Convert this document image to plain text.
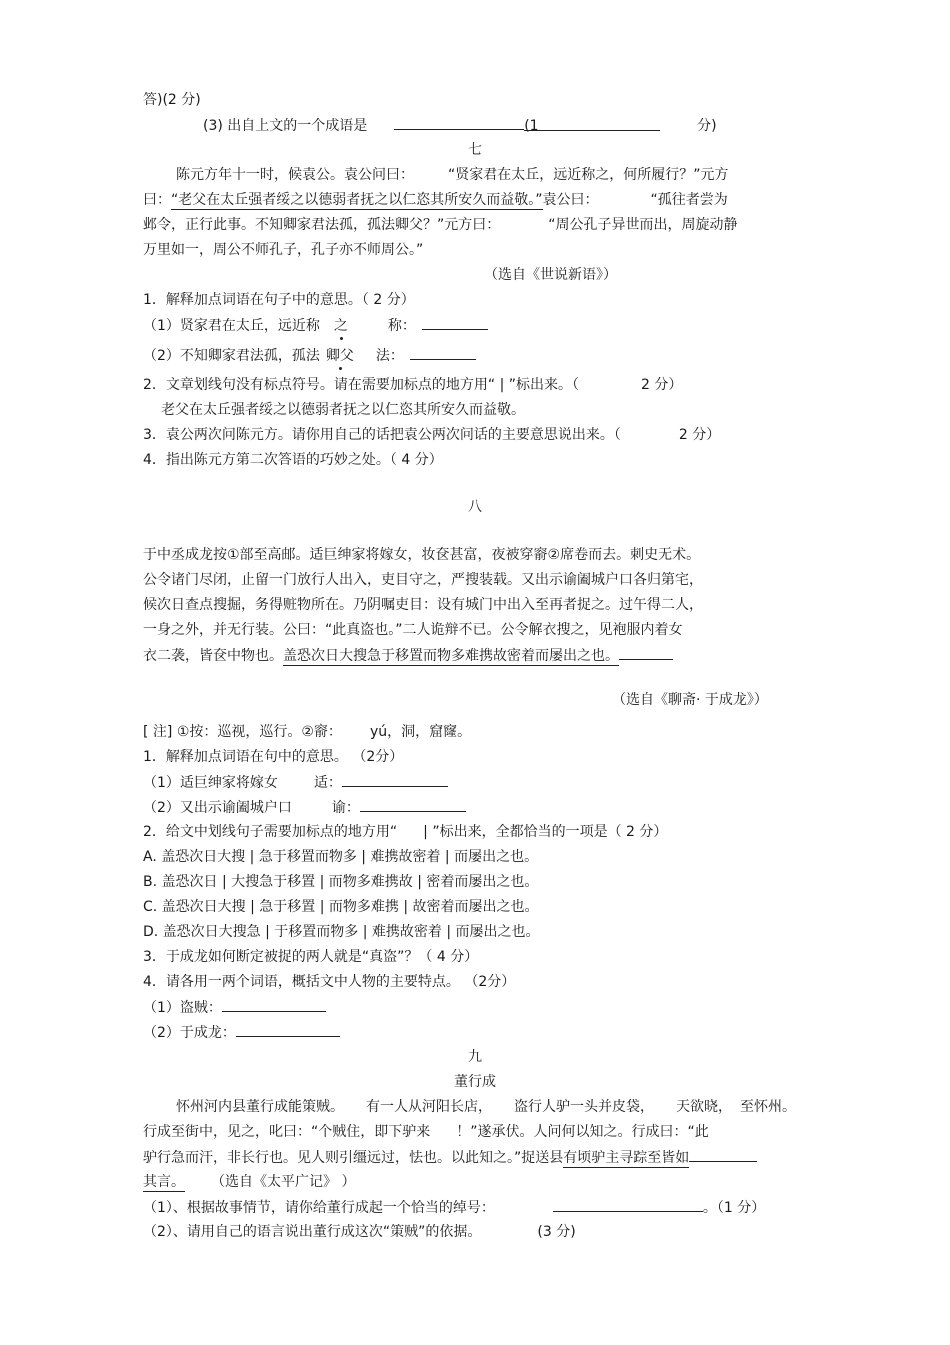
答)(2 分)
(3) 出自上文的一个成语是	(1	分)
七
陈元方年十一时，候袁公。袁公问曰： “贤家君在太丘，远近称之，何所履行？”元方
曰：“老父在太丘强者绥之以德弱者抚之以仁恣其所安久而益敬。”袁公曰：	“孤往者尝为
邺令，正行此事。不知卿家君法孤，孤法卿父？”元方曰：	“周公孔子异世而出，周旋动静
万里如一，周公不师孔子，孔子亦不师周公。”
（选自《世说新语》）
1．解释加点词语在句子中的意思。（ 2 分）
（1）贤家君在太丘，远近称 之	称：
（2）不知卿家君法孤，孤法 卿父 法：
2．文章划线句没有标点符号。请在需要加标点的地方用“ | ”标出来。（	2 分）
老父在太丘强者绥之以德弱者抚之以仁恣其所安久而益敬。
3．袁公两次问陈元方。请你用自己的话把袁公两次问话的主要意思说出来。（	2 分）
4．指出陈元方第二次答语的巧妙之处。（ 4 分）
八
于中丞成龙按①部至高邮。适巨绅家将嫁女，妆奁甚富，夜被穿窬②席卷而去。刺史无术。
公令诸门尽闭，止留一门放行人出入，吏目守之，严搜装载。又出示谕阖城户口各归第宅，
候次日查点搜掘，务得赃物所在。乃阴嘱吏目：设有城门中出入至再者捉之。过午得二人，
一身之外，并无行装。公曰：“此真盗也。”二人诡辩不已。公令解衣搜之，见袍服内着女
衣二袭，皆奁中物也。盖恐次日大搜急于移置而物多难携故密着而屡出之也。
（选自《聊斋· 于成龙》）
[ 注] ①按：巡视，巡行。②窬： yú，洞，窟窿。
1．解释加点词语在句中的意思。 （2分）
（1）适巨绅家将嫁女	适：
（2）又出示谕阖城户口	谕：
2．给文中划线句子需要加标点的地方用“ | ”标出来，全都恰当的一项是（ 2 分）
A. 盖恐次日大搜 | 急于移置而物多 | 难携故密着 | 而屡出之也。
B. 盖恐次日 | 大搜急于移置 | 而物多难携故 | 密着而屡出之也。
C. 盖恐次日大搜 | 急于移置 | 而物多难携 | 故密着而屡出之也。
D. 盖恐次日大搜急 | 于移置而物多 | 难携故密着 | 而屡出之也。
3．于成龙如何断定被捉的两人就是“真盗”？（ 4 分）
4．请各用一两个词语，概括文中人物的主要特点。 （2分）
（1）盗贼：
（2）于成龙：
九
董行成
怀州河内县董行成能策贼。 有一人从河阳长店， 盗行人驴一头并皮袋， 天欲晓， 至怀州。
行成至街中，见之，叱曰：“个贼住，即下驴来 ！”遂承伏。人问何以知之。行成曰：“此
驴行急而汗，非长行也。见人则引缰远过，怯也。以此知之。”捉送县有顷驴主寻踪至皆如
其言。 （选自《太平广记》 ）
（1）、根据故事情节，请你给董行成起一个恰当的绰号：	。（1 分）
（2）、请用自己的语言说出董行成这次“策贼”的依据。	(3 分)
